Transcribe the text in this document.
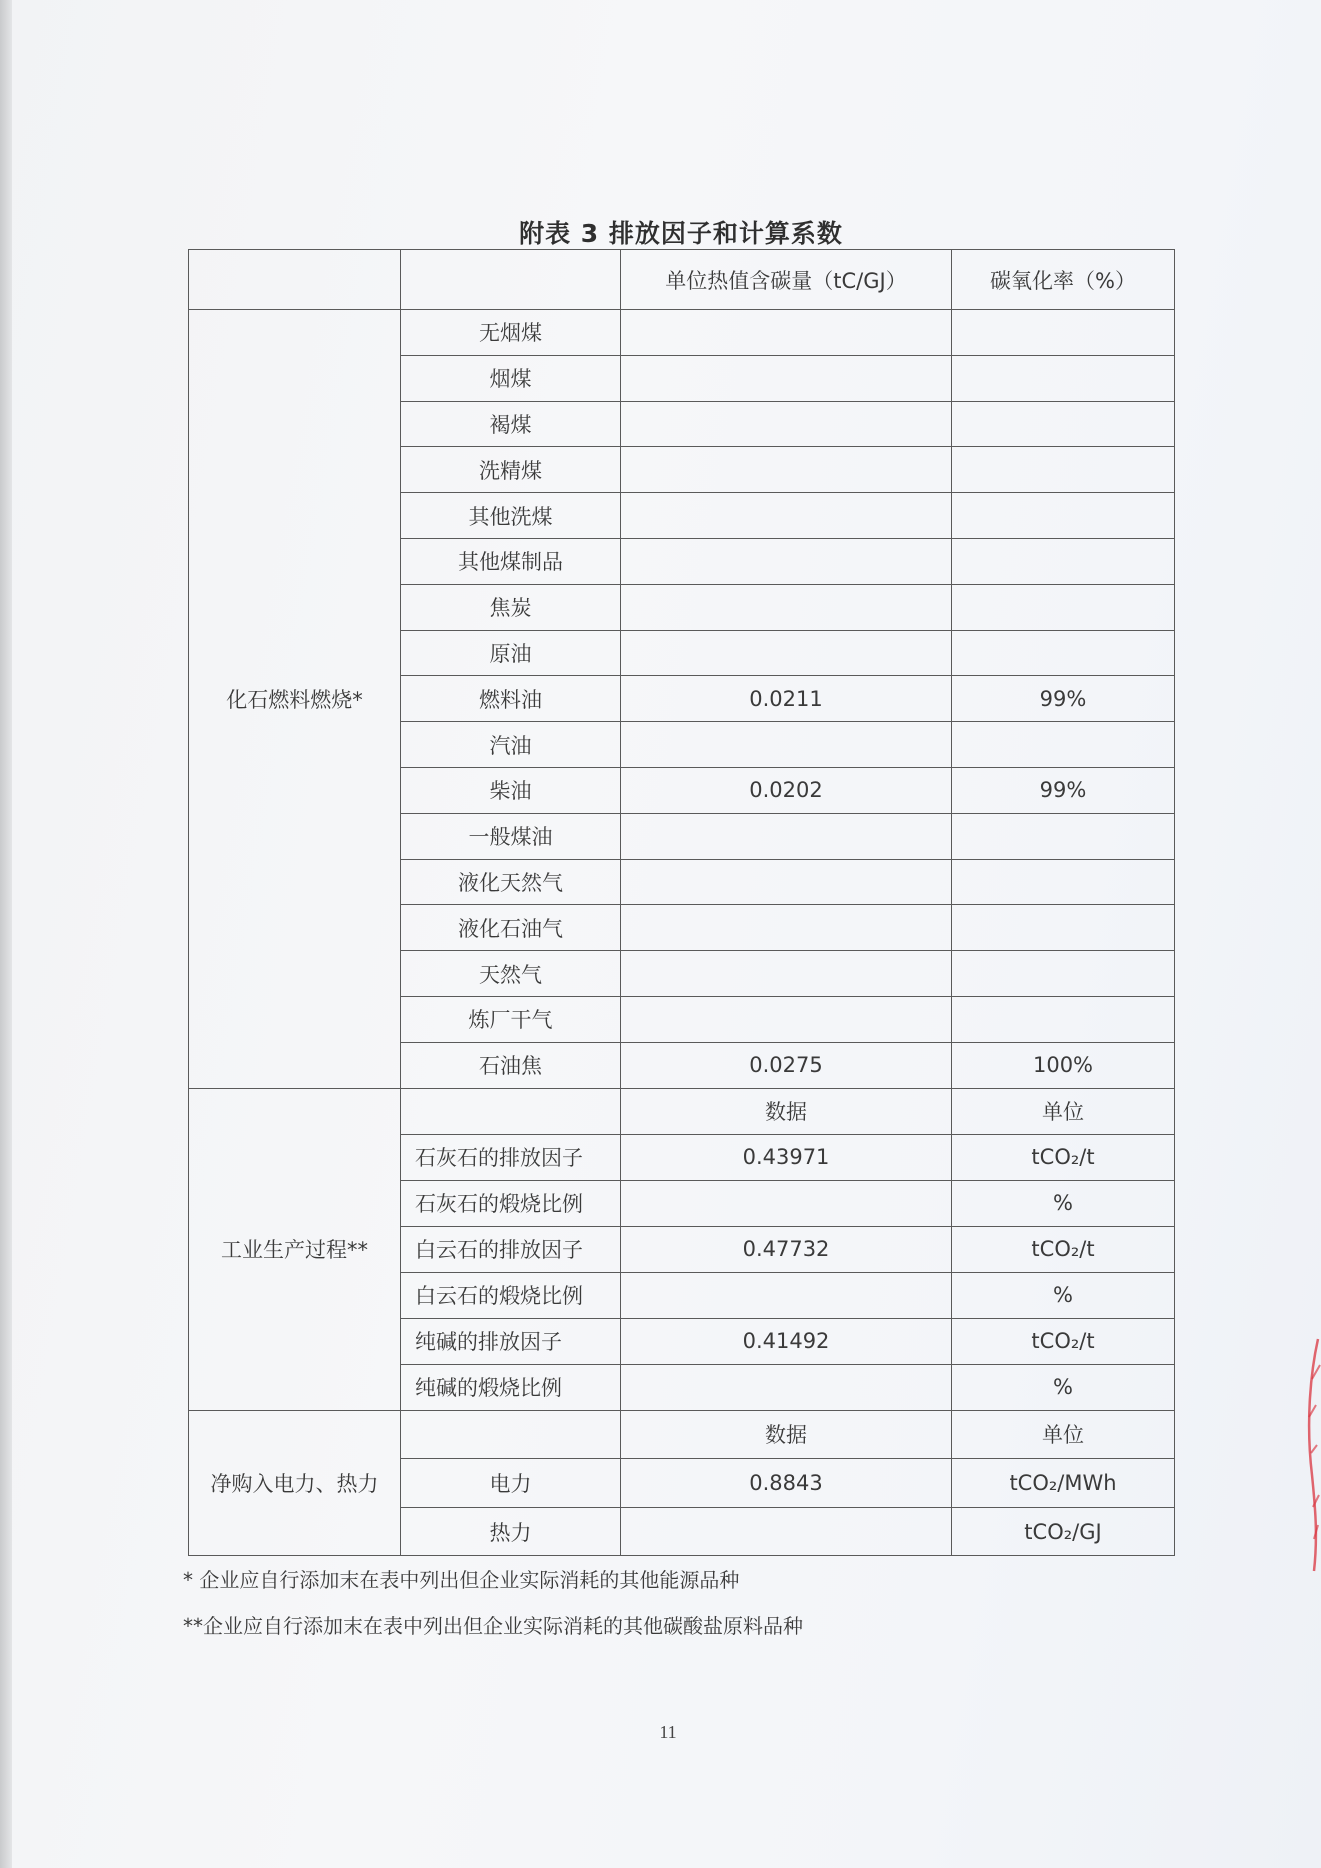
附表 3 排放因子和计算系数
		单位热值含碳量（tC/GJ）	碳氧化率（%）
化石燃料燃烧*	无烟煤		
	烟煤		
	褐煤		
	洗精煤		
	其他洗煤		
	其他煤制品		
	焦炭		
	原油		
	燃料油	0.0211	99%
	汽油		
	柴油	0.0202	99%
	一般煤油		
	液化天然气		
	液化石油气		
	天然气		
	炼厂干气		
	石油焦	0.0275	100%
工业生产过程**		数据	单位
	石灰石的排放因子	0.43971	tCO₂/t
	石灰石的煅烧比例		%
	白云石的排放因子	0.47732	tCO₂/t
	白云石的煅烧比例		%
	纯碱的排放因子	0.41492	tCO₂/t
	纯碱的煅烧比例		%
净购入电力、热力		数据	单位
	电力	0.8843	tCO₂/MWh
	热力		tCO₂/GJ
* 企业应自行添加末在表中列出但企业实际消耗的其他能源品种
**企业应自行添加末在表中列出但企业实际消耗的其他碳酸盐原料品种
11
